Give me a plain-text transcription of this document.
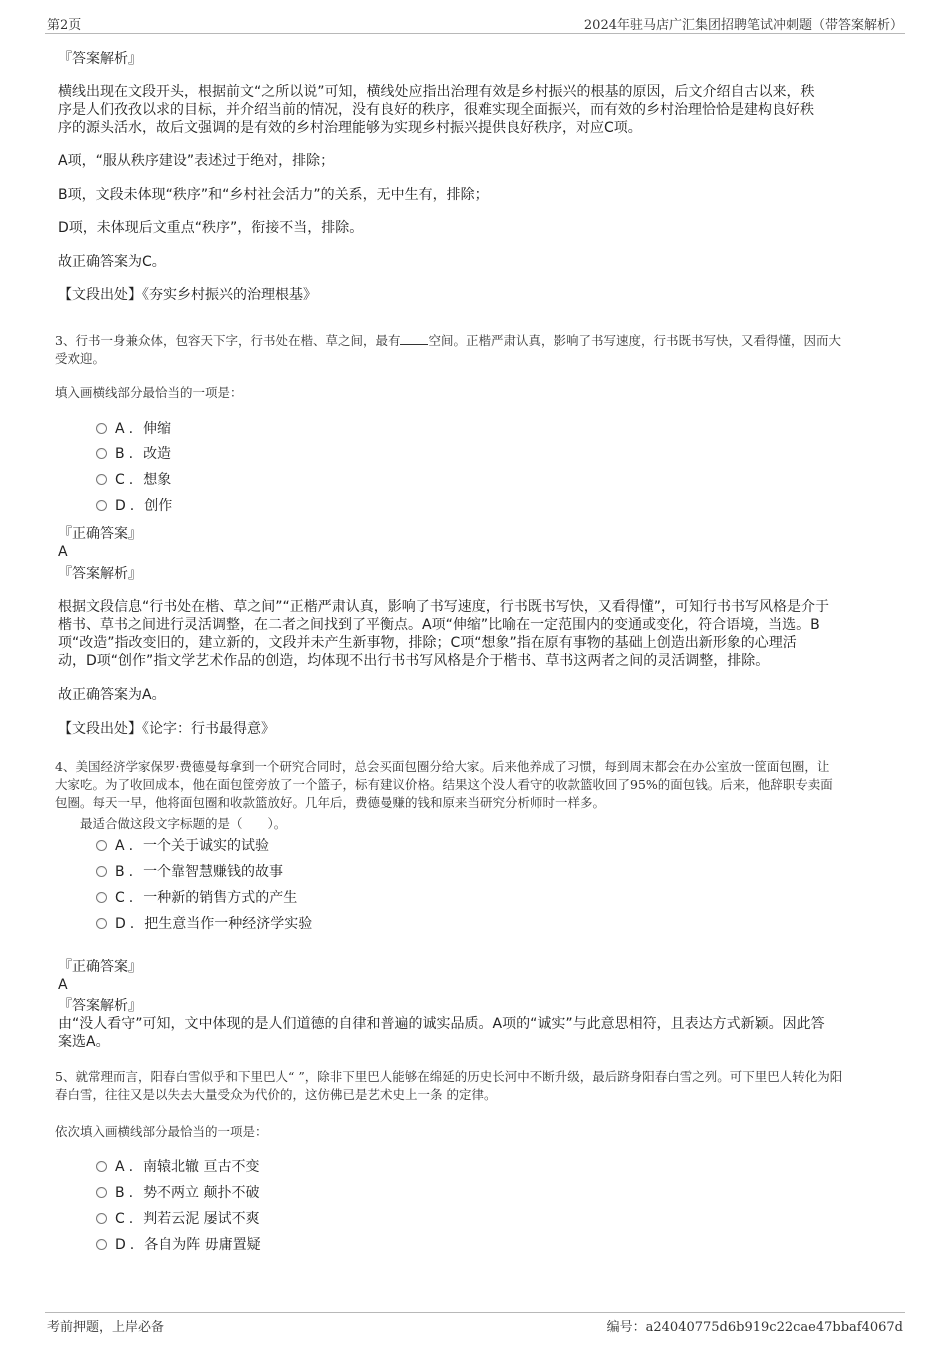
第2页	2024年驻马店广汇集团招聘笔试冲刺题（带答案解析）

『答案解析』

横线出现在文段开头，根据前文“之所以说”可知，横线处应指出治理有效是乡村振兴的根基的原因，后文介绍自古以来，秩

序是人们孜孜以求的目标，并介绍当前的情况，没有良好的秩序，很难实现全面振兴，而有效的乡村治理恰恰是建构良好秩

序的源头活水，故后文强调的是有效的乡村治理能够为实现乡村振兴提供良好秩序，对应C项。

A项，“服从秩序建设”表述过于绝对，排除；

B项，文段未体现“秩序”和“乡村社会活力”的关系，无中生有，排除；

D项，未体现后文重点“秩序”，衔接不当，排除。

故正确答案为C。

【文段出处】《夯实乡村振兴的治理根基》

3、行书一身兼众体，包容天下字，行书处在楷、草之间，最有 空间。正楷严肃认真，影响了书写速度，行书既书写快，又看得懂，因而大

受欢迎。

填入画横线部分最恰当的一项是：

A . 伸缩
B . 改造
C . 想象
D . 创作

『正确答案』

A

『答案解析』

根据文段信息“行书处在楷、草之间”“正楷严肃认真，影响了书写速度，行书既书写快，又看得懂”，可知行书书写风格是介于

楷书、草书之间进行灵活调整，在二者之间找到了平衡点。A项“伸缩”比喻在一定范围内的变通或变化，符合语境，当选。B

项“改造”指改变旧的，建立新的，文段并未产生新事物，排除；C项“想象”指在原有事物的基础上创造出新形象的心理活

动，D项“创作”指文学艺术作品的创造，均体现不出行书书写风格是介于楷书、草书这两者之间的灵活调整，排除。

故正确答案为A。

【文段出处】《论字：行书最得意》

4、美国经济学家保罗·费德曼每拿到一个研究合同时，总会买面包圈分给大家。后来他养成了习惯，每到周末都会在办公室放一筐面包圈，让

大家吃。为了收回成本，他在面包筐旁放了一个篮子，标有建议价格。结果这个没人看守的收款篮收回了95%的面包钱。后来，他辞职专卖面

包圈。每天一早，他将面包圈和收款篮放好。几年后，费德曼赚的钱和原来当研究分析师时一样多。

最适合做这段文字标题的是（　　）。

A . 一个关于诚实的试验
B . 一个靠智慧赚钱的故事
C . 一种新的销售方式的产生
D . 把生意当作一种经济学实验

『正确答案』

A

『答案解析』

由“没人看守”可知，文中体现的是人们道德的自律和普遍的诚实品质。A项的“诚实”与此意思相符，且表达方式新颖。因此答

案选A。

5、就常理而言，阳春白雪似乎和下里巴人“ ”，除非下里巴人能够在绵延的历史长河中不断升级，最后跻身阳春白雪之列。可下里巴人转化为阳

春白雪，往往又是以失去大量受众为代价的，这仿佛已是艺术史上一条 的定律。

依次填入画横线部分最恰当的一项是：

A . 南辕北辙 亘古不变
B . 势不两立 颠扑不破
C . 判若云泥 屡试不爽
D . 各自为阵 毋庸置疑
考前押题，上岸必备	编号：a24040775d6b919c22cae47bbaf4067d
